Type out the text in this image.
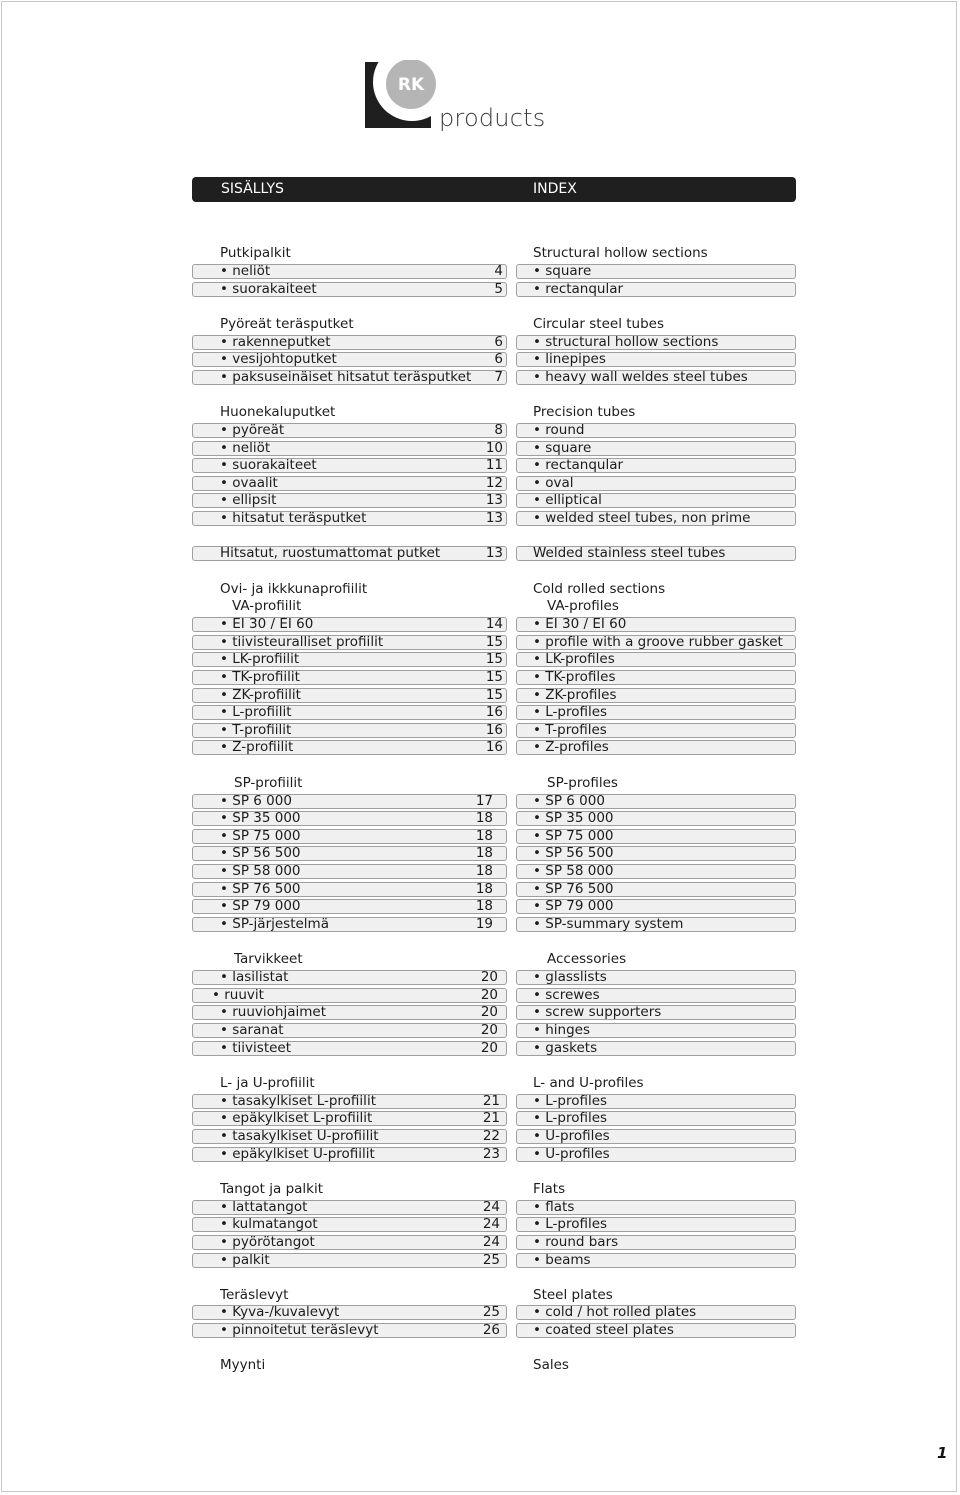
RK
products
SISÄLLYS	INDEX
Putkipalkit	Structural hollow sections
• neliöt	4 • square
• suorakaiteet	5 • rectanqular
Pyöreät teräsputket	Circular steel tubes
• rakenneputket	6 • structural hollow sections
• vesijohtoputket	6 • linepipes
• paksuseinäiset hitsatut teräsputket	7 • heavy wall weldes steel tubes
Huonekaluputket	Precision tubes
• pyöreät	8 • round
• neliöt	10 • square
• suorakaiteet	11 • rectanqular
• ovaalit	12 • oval
• ellipsit	13 • elliptical
• hitsatut teräsputket	13 • welded steel tubes, non prime
Hitsatut, ruostumattomat putket	13 Welded stainless steel tubes
Ovi- ja ikkkunaprofiilit	Cold rolled sections
VA-profiilit	VA-profiles
• EI 30 / EI 60	14 • EI 30 / EI 60
• tiivisteuralliset profiilit	15 • profile with a groove rubber gasket
• LK-profiilit	15 • LK-profiles
• TK-profiilit	15 • TK-profiles
• ZK-profiilit	15 • ZK-profiles
• L-profiilit	16 • L-profiles
• T-profiilit	16 • T-profiles
• Z-profiilit	16 • Z-profiles
SP-profiilit	SP-profiles
• SP 6 000	17	• SP 6 000
• SP 35 000	18	• SP 35 000
• SP 75 000	18	• SP 75 000
• SP 56 500	18	• SP 56 500
• SP 58 000	18	• SP 58 000
• SP 76 500	18	• SP 76 500
• SP 79 000	18	• SP 79 000
• SP-järjestelmä	19	• SP-summary system
Tarvikkeet	Accessories
• lasilistat	20	• glasslists
• ruuvit	20	• screwes
• ruuviohjaimet	20	• screw supporters
• saranat	20	• hinges
• tiivisteet	20	• gaskets
L- ja U-profiilit	L- and U-profiles
• tasakylkiset L-profiilit	21 • L-profiles
• epäkylkiset L-profiilit	21 • L-profiles
• tasakylkiset U-profiilit	22 • U-profiles
• epäkylkiset U-profiilit	23 • U-profiles
Tangot ja palkit	Flats
• lattatangot	24 • flats
• kulmatangot	24 • L-profiles
• pyörötangot	24 • round bars
• palkit	25 • beams
Teräslevyt	Steel plates
• Kyva-/kuvalevyt	25 • cold / hot rolled plates
• pinnoitetut teräslevyt	26 • coated steel plates
Myynti	Sales
1
